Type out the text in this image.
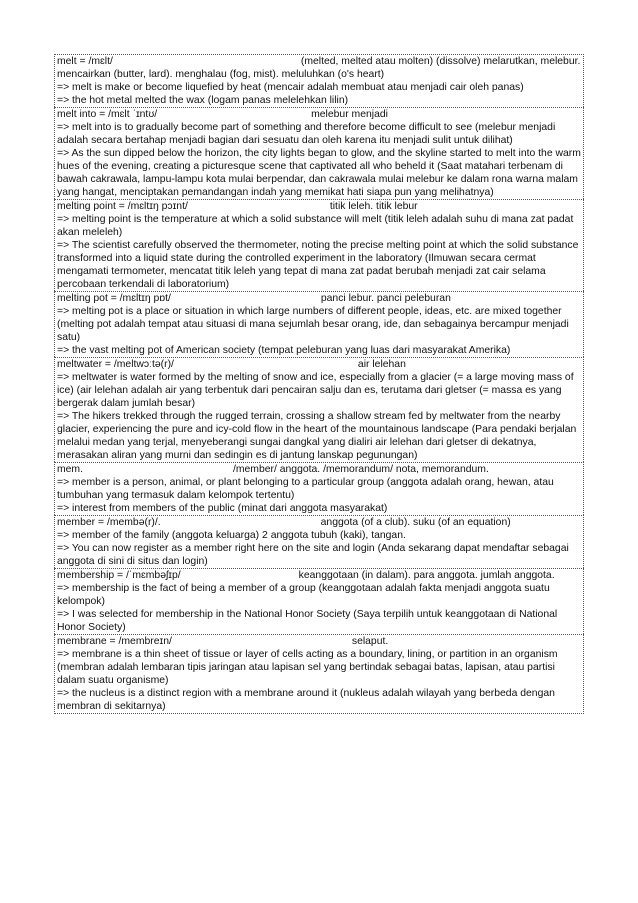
melt = /mɛlt/	(melted, melted atau molten) (dissolve) melarutkan, melebur.
mencairkan (butter, lard). menghalau (fog, mist). meluluhkan (o's heart)
=> melt is make or become liquefied by heat (mencair adalah membuat atau menjadi cair oleh panas)
=> the hot metal melted the wax (logam panas melelehkan lilin)
melt into = /mɛlt ˈɪntʊ/	melebur menjadi
=> melt into is to gradually become part of something and therefore become difficult to see (melebur menjadi adalah secara bertahap menjadi bagian dari sesuatu dan oleh karena itu menjadi sulit untuk dilihat)
=> As the sun dipped below the horizon, the city lights began to glow, and the skyline started to melt into the warm hues of the evening, creating a picturesque scene that captivated all who beheld it (Saat matahari terbenam di bawah cakrawala, lampu-lampu kota mulai berpendar, dan cakrawala mulai melebur ke dalam rona warna malam yang hangat, menciptakan pemandangan indah yang memikat hati siapa pun yang melihatnya)
melting point = /mɛltɪŋ pɔɪnt/	titik leleh. titik lebur
=> melting point is the temperature at which a solid substance will melt (titik leleh adalah suhu di mana zat padat akan meleleh)
=> The scientist carefully observed the thermometer, noting the precise melting point at which the solid substance transformed into a liquid state during the controlled experiment in the laboratory (Ilmuwan secara cermat mengamati termometer, mencatat titik leleh yang tepat di mana zat padat berubah menjadi zat cair selama percobaan terkendali di laboratorium)
melting pot = /mɛltɪŋ pɒt/	panci lebur. panci peleburan
=> melting pot is a place or situation in which large numbers of different people, ideas, etc. are mixed together (melting pot adalah tempat atau situasi di mana sejumlah besar orang, ide, dan sebagainya bercampur menjadi satu)
=> the vast melting pot of American society (tempat peleburan yang luas dari masyarakat Amerika)
meltwater = /meltwɔːtə(r)/	air lelehan
=> meltwater is water formed by the melting of snow and ice, especially from a glacier (= a large moving mass of ice) (air lelehan adalah air yang terbentuk dari pencairan salju dan es, terutama dari gletser (= massa es yang bergerak dalam jumlah besar)
=> The hikers trekked through the rugged terrain, crossing a shallow stream fed by meltwater from the nearby glacier, experiencing the pure and icy-cold flow in the heart of the mountainous landscape (Para pendaki berjalan melalui medan yang terjal, menyeberangi sungai dangkal yang dialiri air lelehan dari gletser di dekatnya, merasakan aliran yang murni dan sedingin es di jantung lanskap pegunungan)
mem.	/member/ anggota. /memorandum/ nota, memorandum.
=> member is a person, animal, or plant belonging to a particular group (anggota adalah orang, hewan, atau tumbuhan yang termasuk dalam kelompok tertentu)
=> interest from members of the public (minat dari anggota masyarakat)
member = /membə(r)/.	anggota (of a club). suku (of an equation)
=> member of the family (anggota keluarga) 2 anggota tubuh (kaki), tangan.
=> You can now register as a member right here on the site and login (Anda sekarang dapat mendaftar sebagai anggota di sini di situs dan login)
membership = /ˈmɛmbəʃɪp/	keanggotaan (in dalam). para anggota. jumlah anggota.
=> membership is the fact of being a member of a group (keanggotaan adalah fakta menjadi anggota suatu kelompok)
=> I was selected for membership in the National Honor Society (Saya terpilih untuk keanggotaan di National Honor Society)
membrane = /membreɪn/	selaput.
=> membrane is a thin sheet of tissue or layer of cells acting as a boundary, lining, or partition in an organism (membran adalah lembaran tipis jaringan atau lapisan sel yang bertindak sebagai batas, lapisan, atau partisi dalam suatu organisme)
=> the nucleus is a distinct region with a membrane around it (nukleus adalah wilayah yang berbeda dengan membran di sekitarnya)
